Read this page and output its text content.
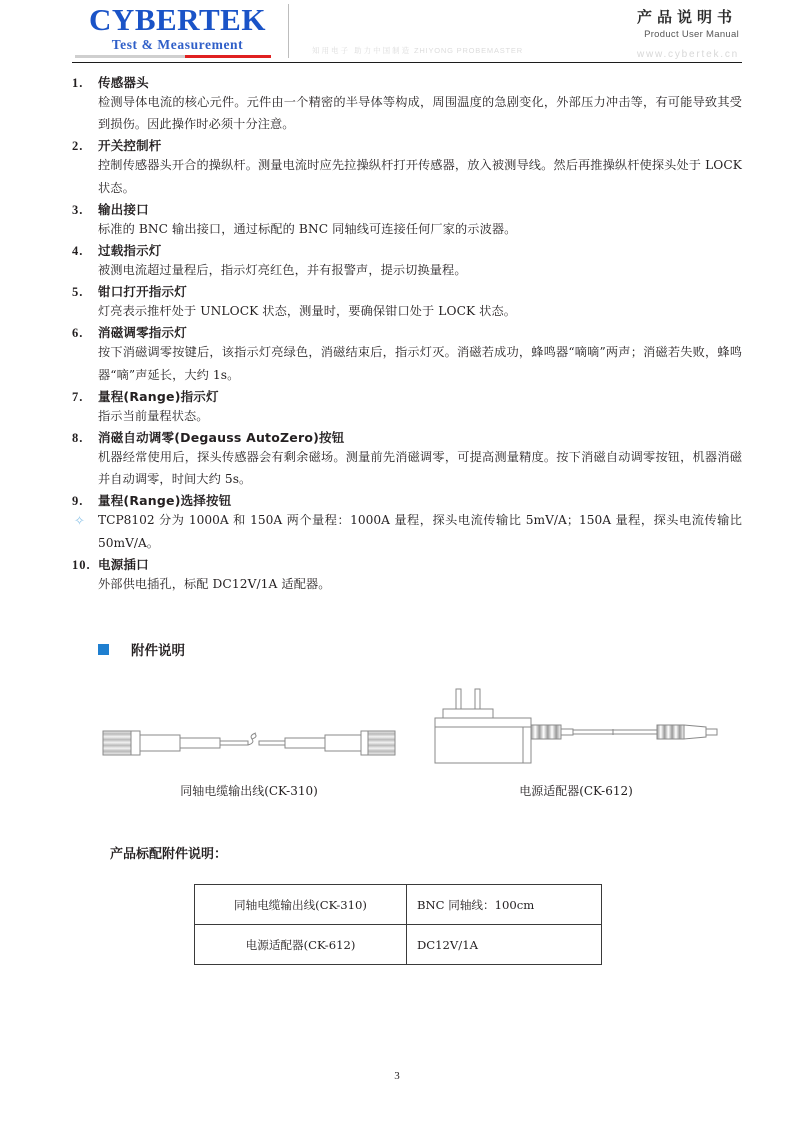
CYBERTEK
Test & Measurement	知用电子 助力中国制造 ZHIYONG PROBEMASTER
产品说明书
Product User Manual
www.cybertek.cn
1.	传感器头
检测导体电流的核心元件。元件由一个精密的半导体等构成，周围温度的急剧变化，外部压力冲击等，有可能导致其受到损伤。因此操作时必须十分注意。
2.	开关控制杆
控制传感器头开合的操纵杆。测量电流时应先拉操纵杆打开传感器，放入被测导线。然后再推操纵杆使探头处于 LOCK 状态。
3.	输出接口
标准的 BNC 输出接口，通过标配的 BNC 同轴线可连接任何厂家的示波器。
4.	过载指示灯
被测电流超过量程后，指示灯亮红色，并有报警声，提示切换量程。
5.	钳口打开指示灯
灯亮表示推杆处于 UNLOCK 状态，测量时，要确保钳口处于 LOCK 状态。
6.	消磁调零指示灯
按下消磁调零按键后，该指示灯亮绿色，消磁结束后，指示灯灭。消磁若成功，蜂鸣器“嘀嘀”两声；消磁若失败，蜂鸣器“嘀”声延长，大约 1s。
7.	量程(Range)指示灯
指示当前量程状态。
8.	消磁自动调零(Degauss AutoZero)按钮
机器经常使用后，探头传感器会有剩余磁场。测量前先消磁调零，可提高测量精度。按下消磁自动调零按钮，机器消磁并自动调零，时间大约 5s。
9.	量程(Range)选择按钮
✧	TCP8102 分为 1000A 和 150A 两个量程：1000A 量程，探头电流传输比 5mV/A；150A 量程，探头电流传输比 50mV/A。
10. 电源插口
外部供电插孔，标配 DC12V/1A 适配器。
附件说明
同轴电缆输出线(CK-310)	电源适配器(CK-612)
产品标配附件说明：
同轴电缆输出线(CK-310)	BNC 同轴线：100cm
电源适配器(CK-612)	DC12V/1A
3
